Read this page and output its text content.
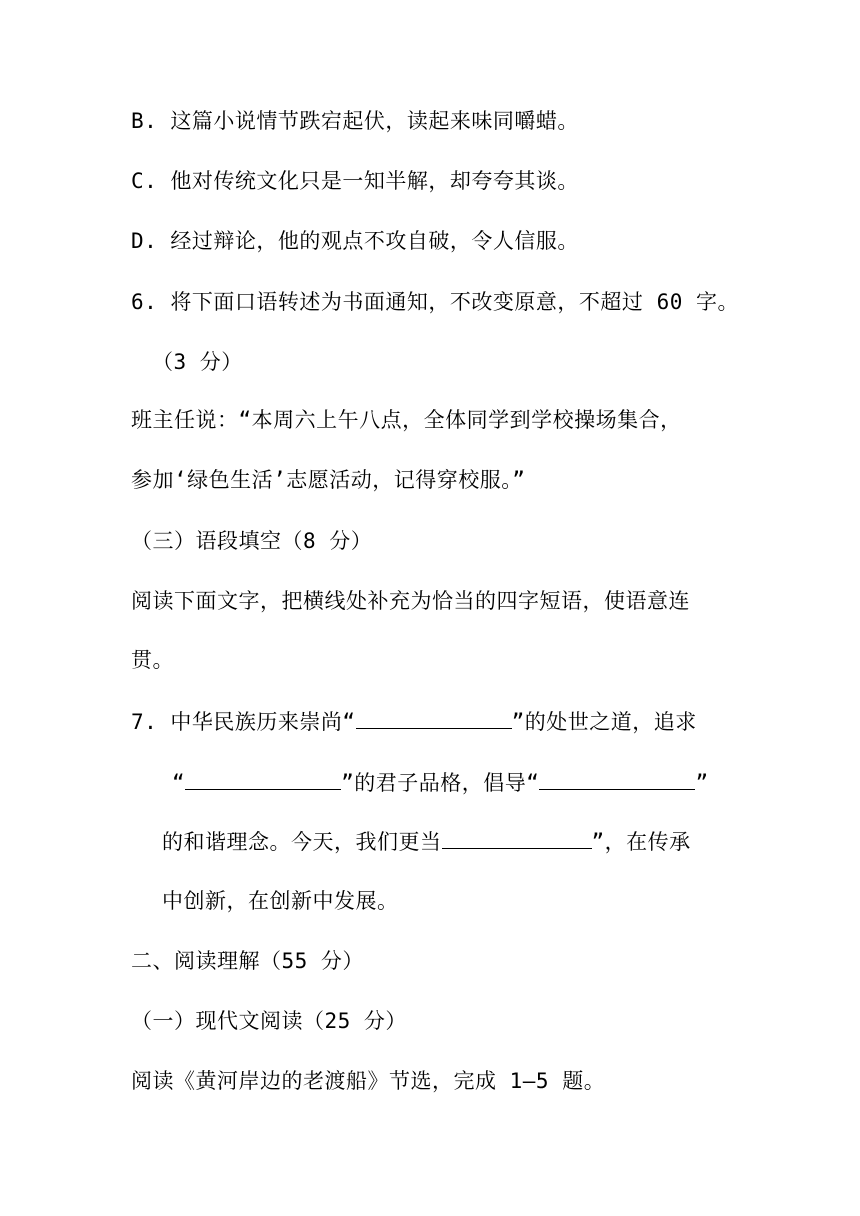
B. 这篇小说情节跌宕起伏，读起来味同嚼蜡。
C. 他对传统文化只是一知半解，却夸夸其谈。
D. 经过辩论，他的观点不攻自破，令人信服。
6. 将下面口语转述为书面通知，不改变原意，不超过 60 字。
（3 分）
班主任说：“本周六上午八点，全体同学到学校操场集合，
参加‘绿色生活’志愿活动，记得穿校服。”
（三）语段填空（8 分）
阅读下面文字，把横线处补充为恰当的四字短语，使语意连
贯。
7. 中华民族历来崇尚“	”的处世之道，追求
“	”的君子品格，倡导“	”
的和谐理念。今天，我们更当	”，在传承
中创新，在创新中发展。
二、阅读理解（55 分）
（一）现代文阅读（25 分）
阅读《黄河岸边的老渡船》节选，完成 1—5 题。
